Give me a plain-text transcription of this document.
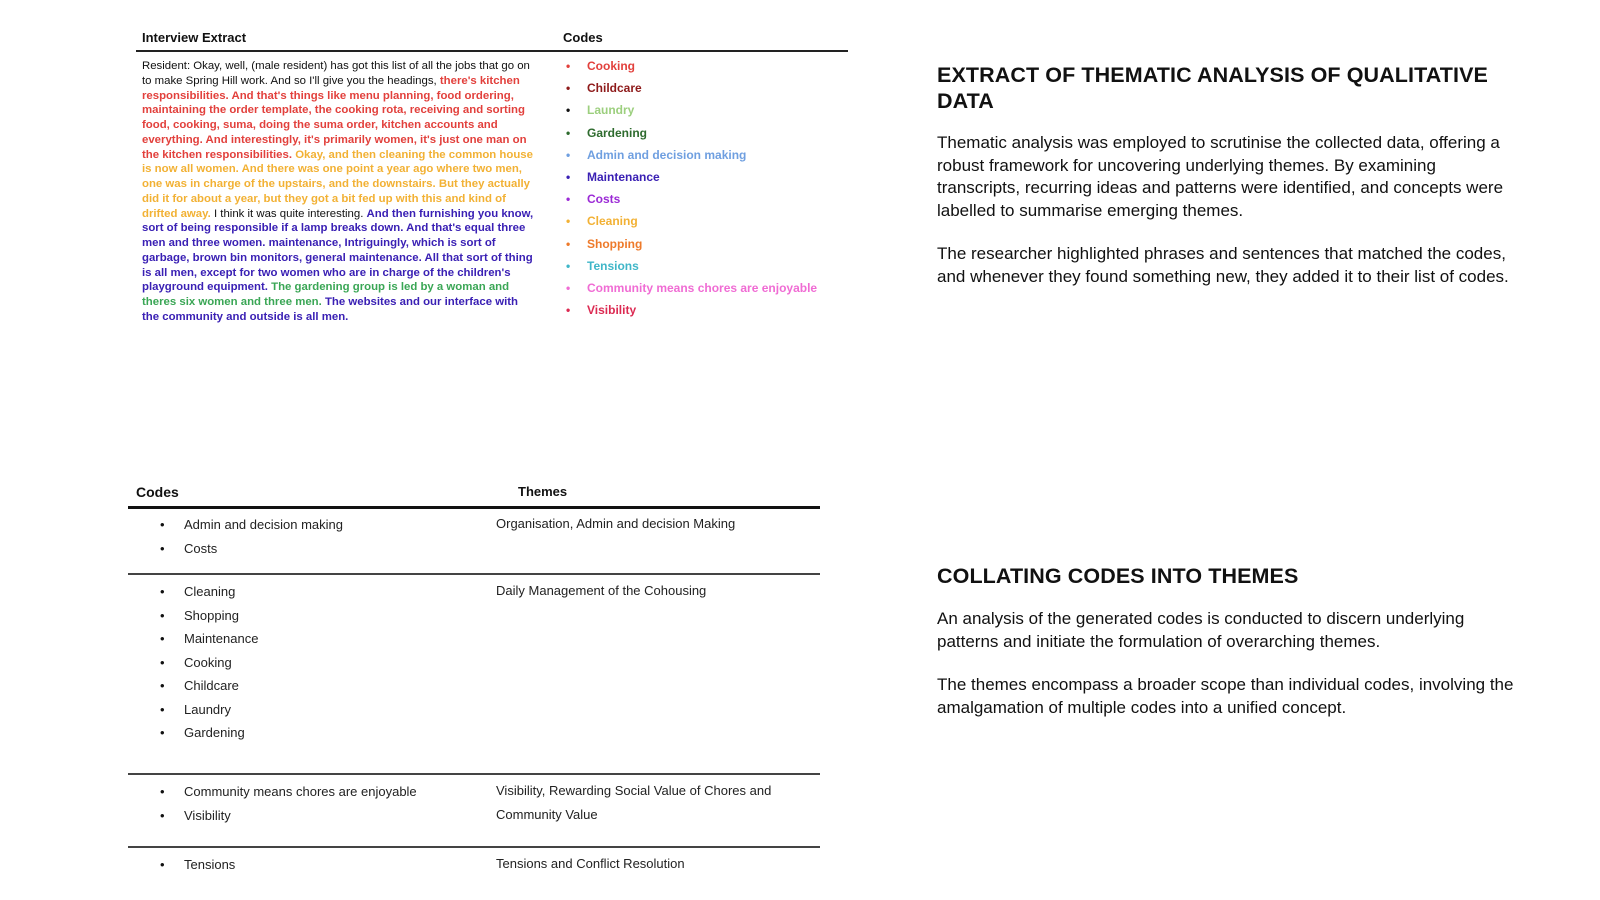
Interview Extract	Codes
Resident: Okay, well, (male resident) has got this list of all the jobs that go on to make Spring Hill work. And so I'll give you the headings, there's kitchen responsibilities. And that's things like menu planning, food ordering, maintaining the order template, the cooking rota, receiving and sorting food, cooking, suma, doing the suma order, kitchen accounts and everything. And interestingly, it's primarily women, it's just one man on the kitchen responsibilities. Okay, and then cleaning the common house is now all women. And there was one point a year ago where two men, one was in charge of the upstairs, and the downstairs. But they actually did it for about a year, but they got a bit fed up with this and kind of drifted away. I think it was quite interesting. And then furnishing you know, sort of being responsible if a lamp breaks down. And that's equal three men and three women. maintenance, Intriguingly, which is sort of garbage, brown bin monitors, general maintenance. All that sort of thing is all men, except for two women who are in charge of the children's playground equipment. The gardening group is led by a woman and theres six women and three men. The websites and our interface with the community and outside is all men.
• Cooking
• Childcare
• Laundry
• Gardening
• Admin and decision making
• Maintenance
• Costs
• Cleaning
• Shopping
• Tensions
• Community means chores are enjoyable
• Visibility
Codes	Themes
• Admin and decision making
• Costs
Organisation, Admin and decision Making
• Cleaning
• Shopping
• Maintenance
• Cooking
• Childcare
• Laundry
• Gardening
Daily Management of the Cohousing
• Community means chores are enjoyable
• Visibility
Visibility, Rewarding Social Value of Chores and Community Value
• Tensions	Tensions and Conflict Resolution
EXTRACT OF THEMATIC ANALYSIS OF QUALITATIVE DATA

Thematic analysis was employed to scrutinise the collected data, offering a robust framework for uncovering underlying themes. By examining transcripts, recurring ideas and patterns were identified, and concepts were labelled to summarise emerging themes.

The researcher highlighted phrases and sentences that matched the codes, and whenever they found something new, they added it to their list of codes.

COLLATING CODES INTO THEMES

An analysis of the generated codes is conducted to discern underlying patterns and initiate the formulation of overarching themes.

The themes encompass a broader scope than individual codes, involving the amalgamation of multiple codes into a unified concept.
